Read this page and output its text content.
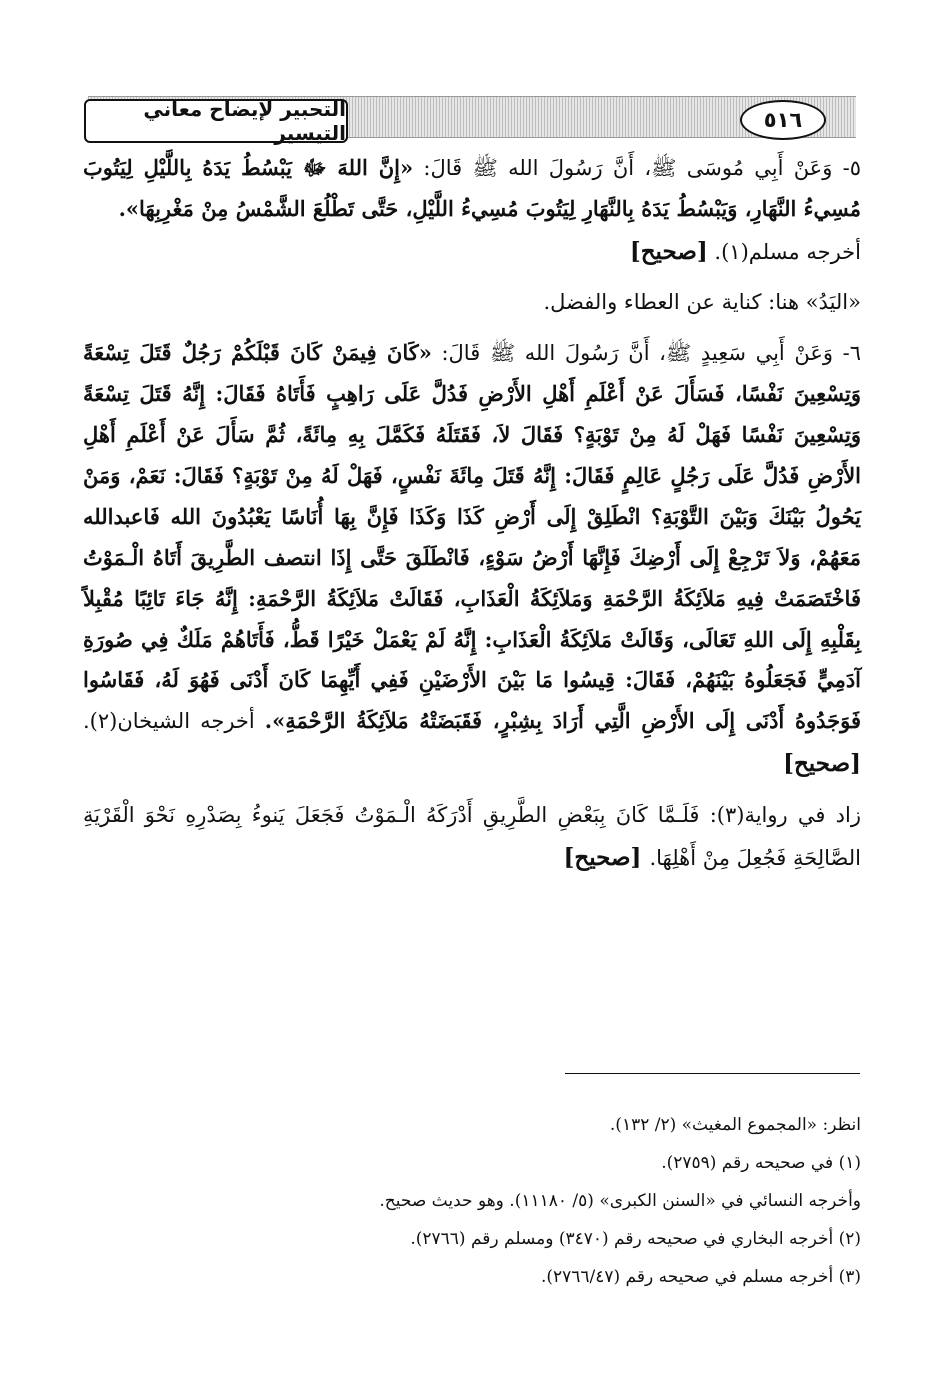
التحبير لإيضاح معاني التيسير
٥١٦

٥- وَعَنْ أَبِي مُوسَى ﷺ، أَنَّ رَسُولَ الله ﷺ قَالَ: «إِنَّ اللهَ ﷻ يَبْسُطُ يَدَهُ بِاللَّيْلِ لِيَتُوبَ مُسِيءُ النَّهَارِ، وَيَبْسُطُ يَدَهُ بِالنَّهَارِ لِيَتُوبَ مُسِيءُ اللَّيْلِ، حَتَّى تَطْلُعَ الشَّمْسُ مِنْ مَغْرِبِهَا».
أخرجه مسلم(١). [صحيح]

«اليَدُ» هنا: كناية عن العطاء والفضل.

٦- وَعَنْ أَبِي سَعِيدٍ ﷺ، أَنَّ رَسُولَ الله ﷺ قَالَ: «كَانَ فِيمَنْ كَانَ قَبْلَكُمْ رَجُلٌ قَتَلَ تِسْعَةً وَتِسْعِينَ نَفْسًا، فَسَأَلَ عَنْ أَعْلَمِ أَهْلِ الأَرْضِ فَدُلَّ عَلَى رَاهِبٍ فَأَتَاهُ فَقَالَ: إِنَّهُ قَتَلَ تِسْعَةً وَتِسْعِينَ نَفْسًا فَهَلْ لَهُ مِنْ تَوْبَةٍ؟ فَقَالَ لاَ، فَقَتَلَهُ فَكَمَّلَ بِهِ مِائَةً، ثُمَّ سَأَلَ عَنْ أَعْلَمِ أَهْلِ الأَرْضِ فَدُلَّ عَلَى رَجُلٍ عَالِمٍ فَقَالَ: إِنَّهُ قَتَلَ مِائَةَ نَفْسٍ، فَهَلْ لَهُ مِنْ تَوْبَةٍ؟ فَقَالَ: نَعَمْ، وَمَنْ يَحُولُ بَيْنَكَ وَبَيْنَ التَّوْبَةِ؟ انْطَلِقْ إِلَى أَرْضِ كَذَا وَكَذَا فَإِنَّ بِهَا أُنَاسًا يَعْبُدُونَ الله فَاعبدالله مَعَهُمْ، وَلاَ تَرْجِعْ إِلَى أَرْضِكَ فَإِنَّهَا أَرْضُ سَوْءٍ، فَانْطَلَقَ حَتَّى إِذَا انتصف الطَّرِيقَ أَتَاهُ الْـمَوْتُ فَاخْتَصَمَتْ فِيهِ مَلاَئِكَةُ الرَّحْمَةِ وَمَلاَئِكَةُ الْعَذَابِ، فَقَالَتْ مَلاَئِكَةُ الرَّحْمَةِ: إِنَّهُ جَاءَ تَائِبًا مُقْبِلاً بِقَلْبِهِ إِلَى اللهِ تَعَالَى، وَقَالَتْ مَلاَئِكَةُ الْعَذَابِ: إِنَّهُ لَمْ يَعْمَلْ خَيْرًا قَطُّ، فَأَتَاهُمْ مَلَكٌ فِي صُورَةِ آدَمِيٍّ فَجَعَلُوهُ بَيْنَهُمْ، فَقَالَ: قِيسُوا مَا بَيْنَ الأَرْضَيْنِ فَفِي أَيِّهِمَا كَانَ أَدْنَى فَهُوَ لَهُ، فَقَاسُوا فَوَجَدُوهُ أَدْنَى إِلَى الأَرْضِ الَّتِي أَرَادَ بِشِبْرٍ، فَقَبَضَتْهُ مَلاَئِكَةُ الرَّحْمَةِ». أخرجه الشيخان(٢). [صحيح]

زاد في رواية(٣): فَلَـمَّا كَانَ بِبَعْضِ الطَّرِيقِ أَدْرَكَهُ الْـمَوْتُ فَجَعَلَ يَنوءُ بِصَدْرِهِ نَحْوَ الْقَرْيَةِ الصَّالِحَةِ فَجُعِلَ مِنْ أَهْلِهَا. [صحيح]

انظر: «المجموع المغيث» (٢/ ١٣٢).

(١) في صحيحه رقم (٢٧٥٩).

وأخرجه النسائي في «السنن الكبرى» (٥/ ١١١٨٠). وهو حديث صحيح.

(٢) أخرجه البخاري في صحيحه رقم (٣٤٧٠) ومسلم رقم (٢٧٦٦).

(٣) أخرجه مسلم في صحيحه رقم (٢٧٦٦/٤٧).
